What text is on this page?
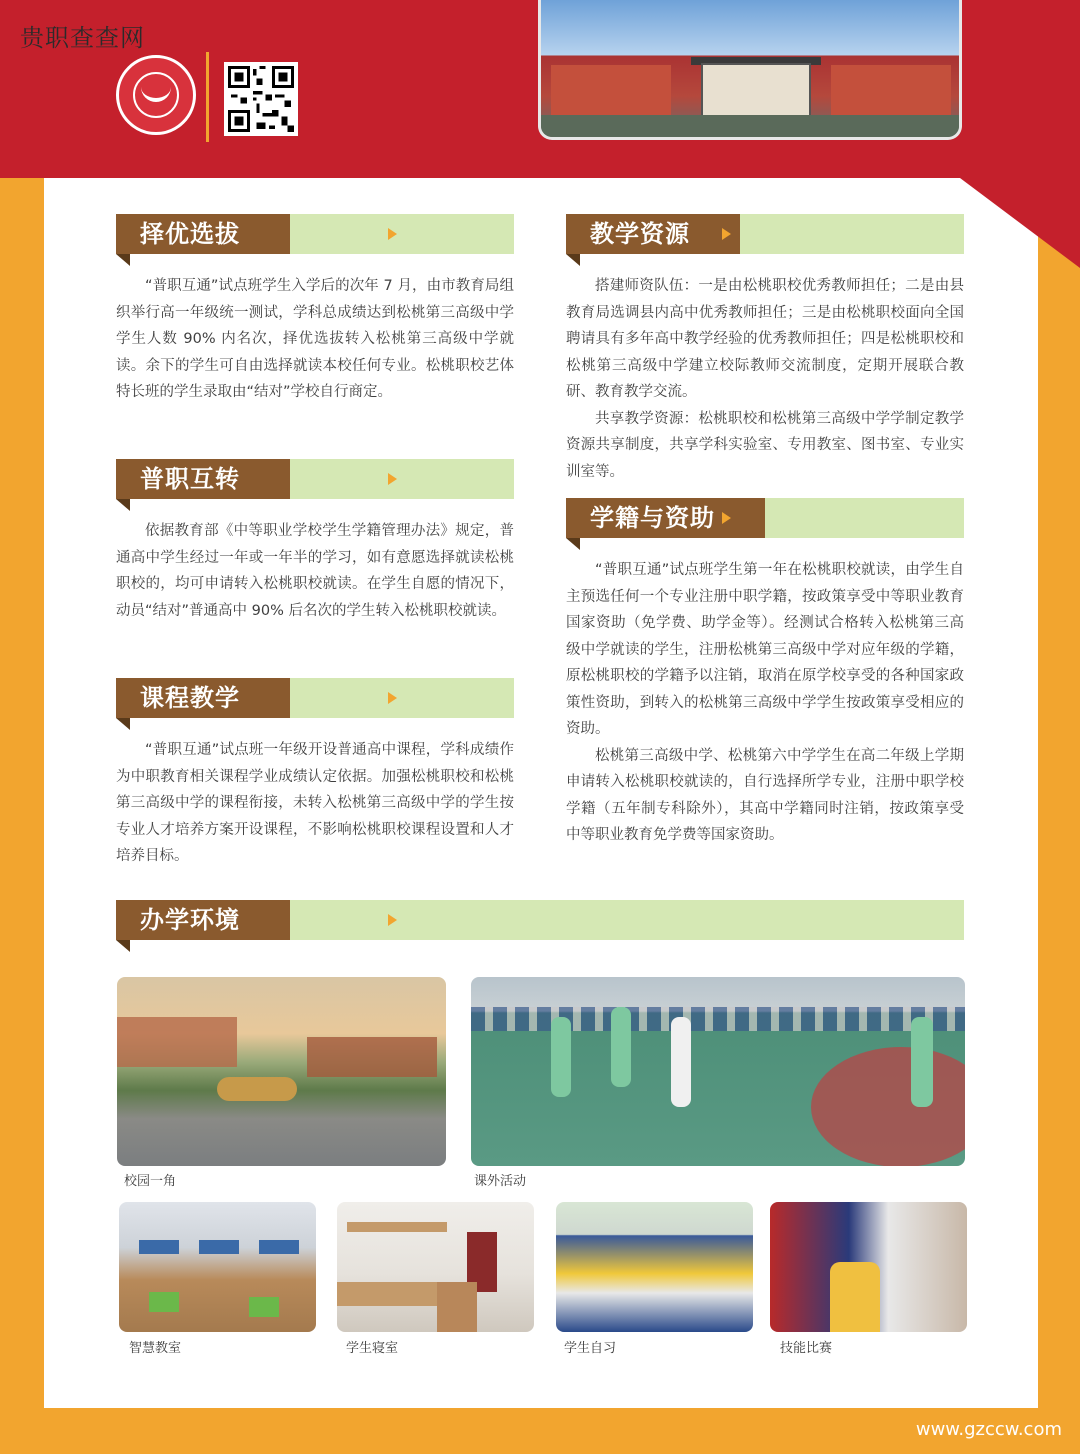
贵职查查网
择优选拔

“普职互通”试点班学生入学后的次年 7 月，由市教育局组织举行高一年级统一测试，学科总成绩达到松桃第三高级中学学生人数 90% 内名次，择优选拔转入松桃第三高级中学就读。余下的学生可自由选择就读本校任何专业。松桃职校艺体特长班的学生录取由“结对”学校自行商定。

普职互转

依据教育部《中等职业学校学生学籍管理办法》规定，普通高中学生经过一年或一年半的学习，如有意愿选择就读松桃职校的，均可申请转入松桃职校就读。在学生自愿的情况下，动员“结对”普通高中 90% 后名次的学生转入松桃职校就读。

课程教学

“普职互通”试点班一年级开设普通高中课程，学科成绩作为中职教育相关课程学业成绩认定依据。加强松桃职校和松桃第三高级中学的课程衔接，未转入松桃第三高级中学的学生按专业人才培养方案开设课程，不影响松桃职校课程设置和人才培养目标。

教学资源

搭建师资队伍：一是由松桃职校优秀教师担任；二是由县教育局选调县内高中优秀教师担任；三是由松桃职校面向全国聘请具有多年高中教学经验的优秀教师担任；四是松桃职校和松桃第三高级中学建立校际教师交流制度，定期开展联合教研、教育教学交流。

共享教学资源：松桃职校和松桃第三高级中学学制定教学资源共享制度，共享学科实验室、专用教室、图书室、专业实训室等。

学籍与资助

“普职互通”试点班学生第一年在松桃职校就读，由学生自主预选任何一个专业注册中职学籍，按政策享受中等职业教育国家资助（免学费、助学金等）。经测试合格转入松桃第三高级中学就读的学生，注册松桃第三高级中学对应年级的学籍，原松桃职校的学籍予以注销，取消在原学校享受的各种国家政策性资助，到转入的松桃第三高级中学学生按政策享受相应的资助。

松桃第三高级中学、松桃第六中学学生在高二年级上学期申请转入松桃职校就读的，自行选择所学专业，注册中职学校学籍（五年制专科除外），其高中学籍同时注销，按政策享受中等职业教育免学费等国家资助。

办学环境
校园一角	课外活动
智慧教室	学生寝室	学生自习	技能比赛
www.gzccw.com
